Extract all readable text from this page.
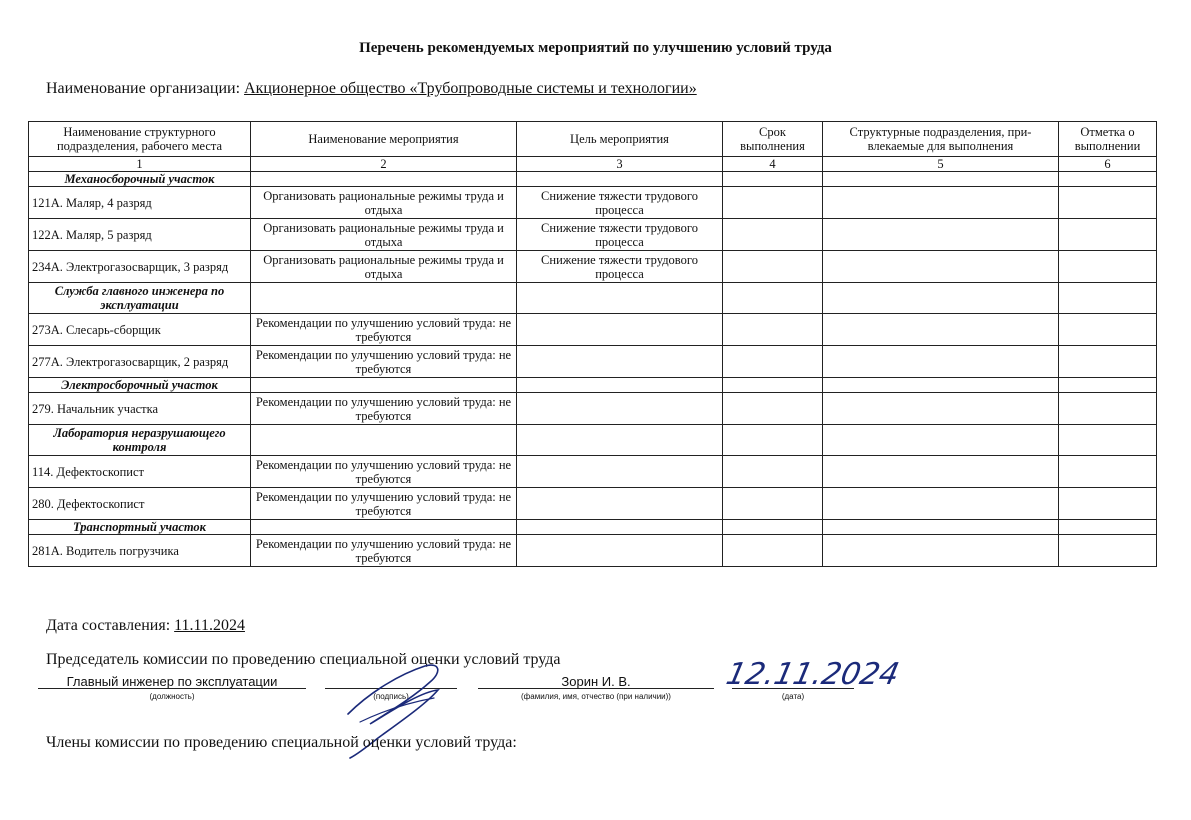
Перечень рекомендуемых мероприятий по улучшению условий труда
Наименование организации: Акционерное общество «Трубопроводные системы и технологии»
Наименование структурного подразделения, рабочего места	Наименование мероприятия	Цель мероприятия	Срок выполнения	Структурные подразделения, при-влекаемые для выполнения	Отметка о выполнении
1	2	3	4	5	6
Механосборочный участок					
121А. Маляр, 4 разряд	Организовать рациональные режимы труда и отдыха	Снижение тяжести трудового процесса			
122А. Маляр, 5 разряд	Организовать рациональные режимы труда и отдыха	Снижение тяжести трудового процесса			
234А. Электрогазосварщик, 3 разряд	Организовать рациональные режимы труда и отдыха	Снижение тяжести трудового процесса			
Служба главного инженера по эксплуатации					
273А. Слесарь-сборщик	Рекомендации по улучшению условий труда: не требуются				
277А. Электрогазосварщик, 2 разряд	Рекомендации по улучшению условий труда: не требуются				
Электросборочный участок					
279. Начальник участка	Рекомендации по улучшению условий труда: не требуются				
Лаборатория неразрушающего контроля					
114. Дефектоскопист	Рекомендации по улучшению условий труда: не требуются				
280. Дефектоскопист	Рекомендации по улучшению условий труда: не требуются				
Транспортный участок					
281А. Водитель погрузчика	Рекомендации по улучшению условий труда: не требуются				
Дата составления: 11.11.2024
Председатель комиссии по проведению специальной оценки условий труда
Главный инженер по эксплуатации
(должность)	(подпись)
Зорин И. В.
(фамилия, имя, отчество (при наличии))	(дата)
12.11.2024
Члены комиссии по проведению специальной оценки условий труда:
